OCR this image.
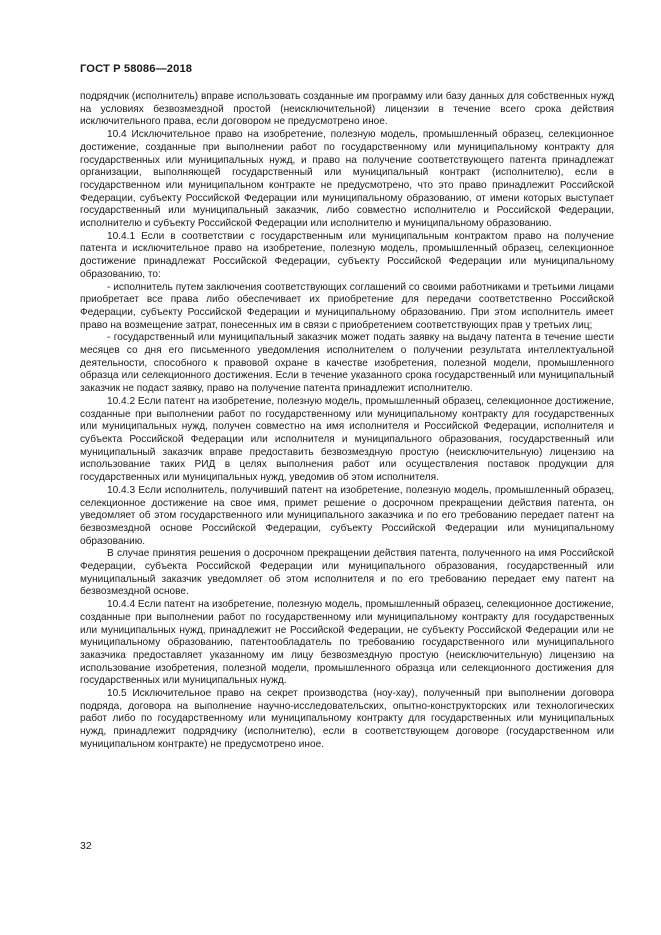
ГОСТ Р 58086—2018

подрядчик (исполнитель) вправе использовать созданные им программу или базу данных для собственных нужд на условиях безвозмездной простой (неисключительной) лицензии в течение всего срока действия исключительного права, если договором не предусмотрено иное.

10.4 Исключительное право на изобретение, полезную модель, промышленный образец, селекционное достижение, созданные при выполнении работ по государственному или муниципальному контракту для государственных или муниципальных нужд, и право на получение соответствующего патента принадлежат организации, выполняющей государственный или муниципальный контракт (исполнителю), если в государственном или муниципальном контракте не предусмотрено, что это право принадлежит Российской Федерации, субъекту Российской Федерации или муниципальному образованию, от имени которых выступает государственный или муниципальный заказчик, либо совместно исполнителю и Российской Федерации, исполнителю и субъекту Российской Федерации или исполнителю и муниципальному образованию.

10.4.1 Если в соответствии с государственным или муниципальным контрактом право на получение патента и исключительное право на изобретение, полезную модель, промышленный образец, селекционное достижение принадлежат Российской Федерации, субъекту Российской Федерации или муниципальному образованию, то:

- исполнитель путем заключения соответствующих соглашений со своими работниками и третьими лицами приобретает все права либо обеспечивает их приобретение для передачи соответственно Российской Федерации, субъекту Российской Федерации и муниципальному образованию. При этом исполнитель имеет право на возмещение затрат, понесенных им в связи с приобретением соответствующих прав у третьих лиц;

- государственный или муниципальный заказчик может подать заявку на выдачу патента в течение шести месяцев со дня его письменного уведомления исполнителем о получении результата интеллектуальной деятельности, способного к правовой охране в качестве изобретения, полезной модели, промышленного образца или селекционного достижения. Если в течение указанного срока государственный или муниципальный заказчик не подаст заявку, право на получение патента принадлежит исполнителю.

10.4.2 Если патент на изобретение, полезную модель, промышленный образец, селекционное достижение, созданные при выполнении работ по государственному или муниципальному контракту для государственных или муниципальных нужд, получен совместно на имя исполнителя и Российской Федерации, исполнителя и субъекта Российской Федерации или исполнителя и муниципального образования, государственный или муниципальный заказчик вправе предоставить безвозмездную простую (неисключительную) лицензию на использование таких РИД в целях выполнения работ или осуществления поставок продукции для государственных или муниципальных нужд, уведомив об этом исполнителя.

10.4.3 Если исполнитель, получивший патент на изобретение, полезную модель, промышленный образец, селекционное достижение на свое имя, примет решение о досрочном прекращении действия патента, он уведомляет об этом государственного или муниципального заказчика и по его требованию передает патент на безвозмездной основе Российской Федерации, субъекту Российской Федерации или муниципальному образованию.

В случае принятия решения о досрочном прекращении действия патента, полученного на имя Российской Федерации, субъекта Российской Федерации или муниципального образования, государственный или муниципальный заказчик уведомляет об этом исполнителя и по его требованию передает ему патент на безвозмездной основе.

10.4.4 Если патент на изобретение, полезную модель, промышленный образец, селекционное достижение, созданные при выполнении работ по государственному или муниципальному контракту для государственных или муниципальных нужд, принадлежит не Российской Федерации, не субъекту Российской Федерации или не муниципальному образованию, патентообладатель по требованию государственного или муниципального заказчика предоставляет указанному им лицу безвозмездную простую (неисключительную) лицензию на использование изобретения, полезной модели, промышленного образца или селекционного достижения для государственных или муниципальных нужд.

10.5 Исключительное право на секрет производства (ноу-хау), полученный при выполнении договора подряда, договора на выполнение научно-исследовательских, опытно-конструкторских или технологических работ либо по государственному или муниципальному контракту для государственных или муниципальных нужд, принадлежит подрядчику (исполнителю), если в соответствующем договоре (государственном или муниципальном контракте) не предусмотрено иное.

32
